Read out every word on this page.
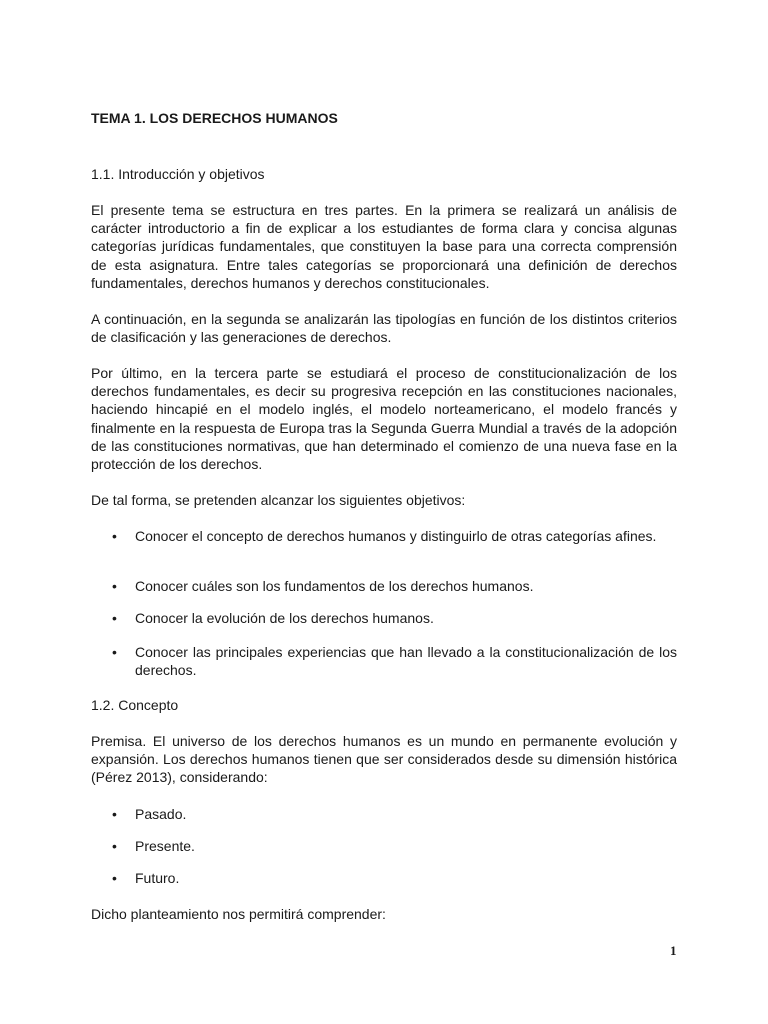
TEMA 1. LOS DERECHOS HUMANOS

1.1. Introducción y objetivos

El presente tema se estructura en tres partes. En la primera se realizará un análisis de carácter introductorio a fin de explicar a los estudiantes de forma clara y concisa algunas categorías jurídicas fundamentales, que constituyen la base para una correcta comprensión de esta asignatura. Entre tales categorías se proporcionará una definición de derechos fundamentales, derechos humanos y derechos constitucionales.

A continuación, en la segunda se analizarán las tipologías en función de los distintos criterios de clasificación y las generaciones de derechos.

Por último, en la tercera parte se estudiará el proceso de constitucionalización de los derechos fundamentales, es decir su progresiva recepción en las constituciones nacionales, haciendo hincapié en el modelo inglés, el modelo norteamericano, el modelo francés y finalmente en la respuesta de Europa tras la Segunda Guerra Mundial a través de la adopción de las constituciones normativas, que han determinado el comienzo de una nueva fase en la protección de los derechos.

De tal forma, se pretenden alcanzar los siguientes objetivos:

• Conocer el concepto de derechos humanos y distinguirlo de otras categorías afines.
• Conocer cuáles son los fundamentos de los derechos humanos.
• Conocer la evolución de los derechos humanos.
• Conocer las principales experiencias que han llevado a la constitucionalización de los derechos.

1.2. Concepto

Premisa. El universo de los derechos humanos es un mundo en permanente evolución y expansión. Los derechos humanos tienen que ser considerados desde su dimensión histórica (Pérez 2013), considerando:

• Pasado.
• Presente.
• Futuro.

Dicho planteamiento nos permitirá comprender:

1
